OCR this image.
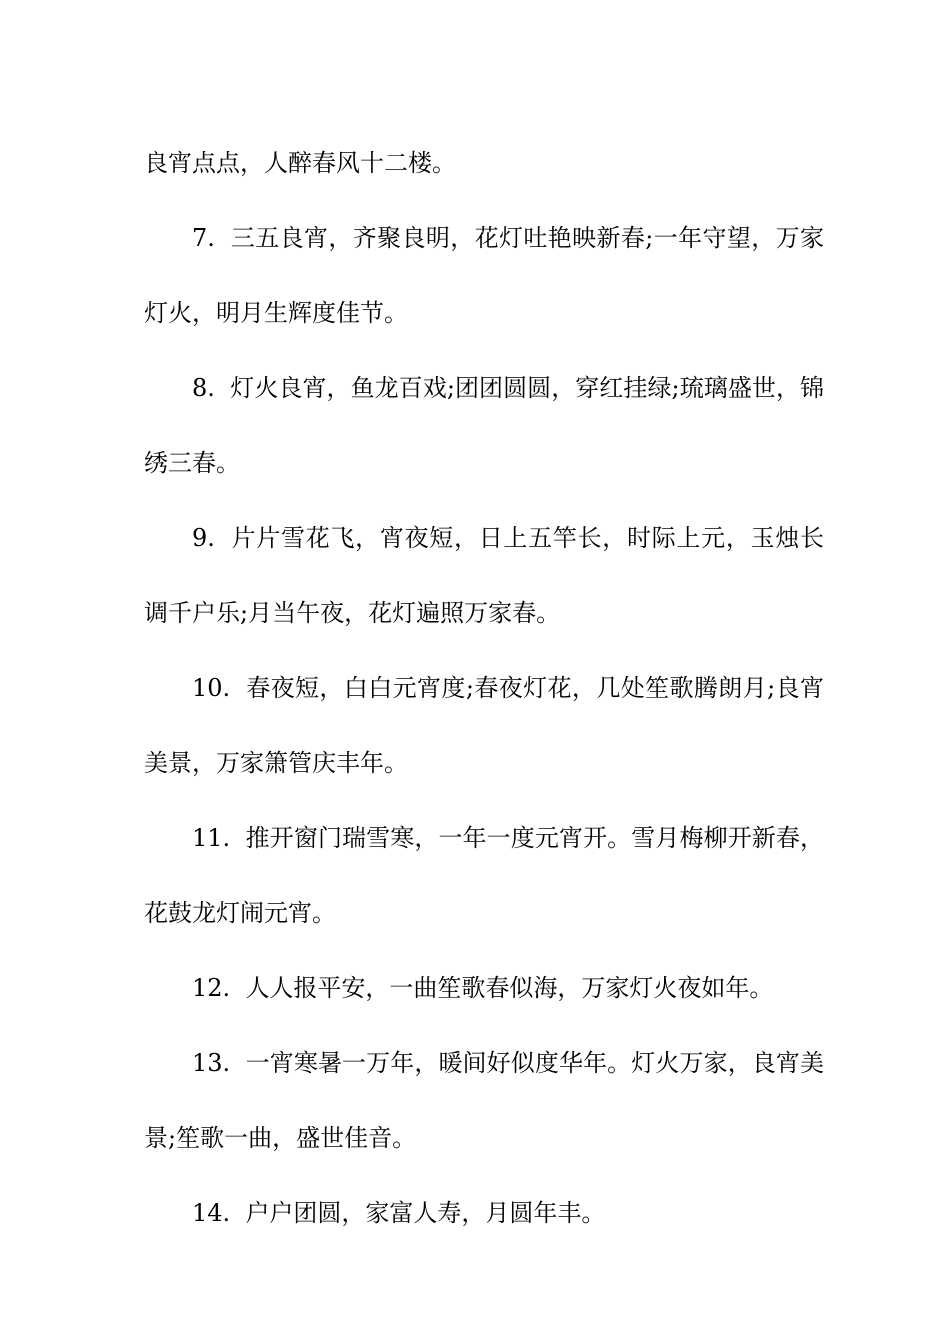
良宵点点，人醉春风十二楼。

7. 三五良宵，齐聚良明，花灯吐艳映新春;一年守望，万家灯火，明月生辉度佳节。

8. 灯火良宵，鱼龙百戏;团团圆圆，穿红挂绿;琉璃盛世，锦绣三春。

9. 片片雪花飞，宵夜短，日上五竿长，时际上元，玉烛长调千户乐;月当午夜，花灯遍照万家春。

10. 春夜短，白白元宵度;春夜灯花，几处笙歌腾朗月;良宵美景，万家箫管庆丰年。

11. 推开窗门瑞雪寒，一年一度元宵开。雪月梅柳开新春，花鼓龙灯闹元宵。

12. 人人报平安，一曲笙歌春似海，万家灯火夜如年。

13. 一宵寒暑一万年，暖间好似度华年。灯火万家，良宵美景;笙歌一曲，盛世佳音。

14. 户户团圆，家富人寿，月圆年丰。
